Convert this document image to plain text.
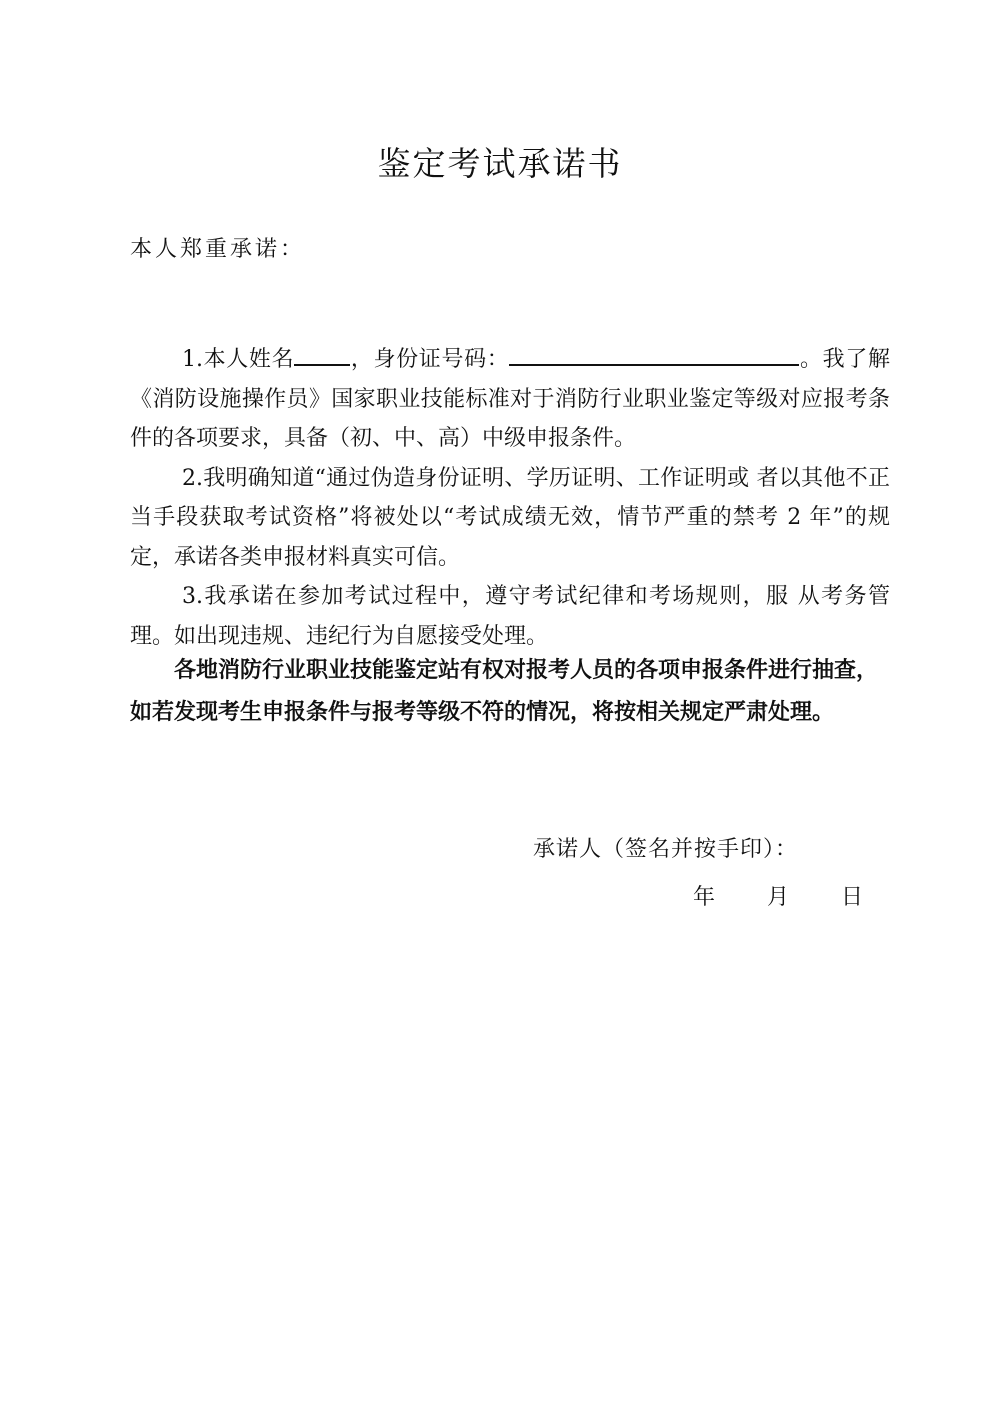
鉴定考试承诺书

本人郑重承诺：

1.本人姓名	，身份证号码：	。我了解《消防设施操作员》国家职业技能标准对于消防行业职业鉴定等级对应报考条件的各项要求，具备（初、中、高）中级申报条件。

2.我明确知道“通过伪造身份证明、学历证明、工作证明或 者以其他不正当手段获取考试资格”将被处以“考试成绩无效，情节严重的禁考 2 年”的规定，承诺各类申报材料真实可信。

3.我承诺在参加考试过程中，遵守考试纪律和考场规则，服 从考务管理。如出现违规、违纪行为自愿接受处理。

各地消防行业职业技能鉴定站有权对报考人员的各项申报条件进行抽查，如若发现考生申报条件与报考等级不符的情况，将按相关规定严肃处理。

承诺人（签名并按手印）：

年 月 日
